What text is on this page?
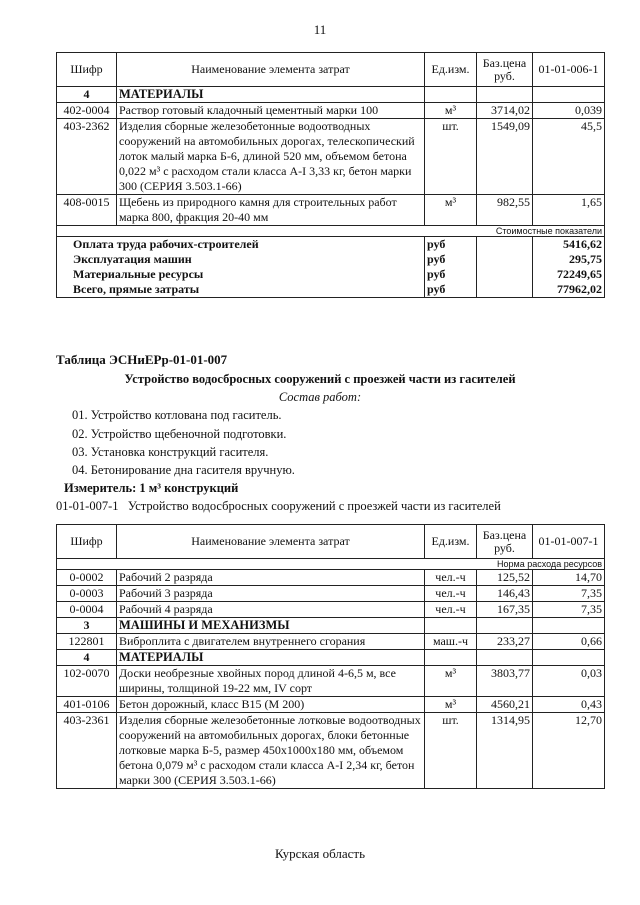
11
Шифр	Наименование элемента затрат	Ед.изм.	Баз.цена руб.	01-01-006-1
4	МАТЕРИАЛЫ			
402-0004	Раствор готовый кладочный цементный марки 100	м³	3714,02	0,039
403-2362	Изделия сборные железобетонные водоотводных сооружений на автомобильных дорогах, телескопический лоток малый марка Б-6, длиной 520 мм, объемом бетона 0,022 м³ с расходом стали класса А-I 3,33 кг, бетон марки 300 (СЕРИЯ 3.503.1-66)	шт.	1549,09	45,5
408-0015	Щебень из природного камня для строительных работ марка 800, фракция 20-40 мм	м³	982,55	1,65
Стоимостные показатели				
Оплата труда рабочих-строителей		руб		5416,62
Эксплуатация машин		руб		295,75
Материальные ресурсы		руб		72249,65
Всего, прямые затраты		руб		77962,02
Таблица ЭСНиЕРр-01-01-007
Устройство водосбросных сооружений с проезжей части из гасителей
Состав работ:
01. Устройство котлована под гаситель.
02. Устройство щебеночной подготовки.
03. Установка конструкций гасителя.
04. Бетонирование дна гасителя вручную.
Измеритель: 1 м³ конструкций
01-01-007-1   Устройство водосбросных сооружений с проезжей части из гасителей
Шифр	Наименование элемента затрат	Ед.изм.	Баз.цена руб.	01-01-007-1
Норма расхода ресурсов				
0-0002	Рабочий 2 разряда	чел.-ч	125,52	14,70
0-0003	Рабочий 3 разряда	чел.-ч	146,43	7,35
0-0004	Рабочий 4 разряда	чел.-ч	167,35	7,35
3	МАШИНЫ И МЕХАНИЗМЫ			
122801	Виброплита с двигателем внутреннего сгорания	маш.-ч	233,27	0,66
4	МАТЕРИАЛЫ			
102-0070	Доски необрезные хвойных пород длиной 4-6,5 м, все ширины, толщиной 19-22 мм, IV сорт	м³	3803,77	0,03
401-0106	Бетон дорожный, класс В15 (М 200)	м³	4560,21	0,43
403-2361	Изделия сборные железобетонные лотковые водоотводных сооружений на автомобильных дорогах, блоки бетонные лотковые марка Б-5, размер 450х1000х180 мм, объемом бетона 0,079 м³ с расходом стали класса А-I 2,34 кг, бетон марки 300 (СЕРИЯ 3.503.1-66)	шт.	1314,95	12,70
Курская область
